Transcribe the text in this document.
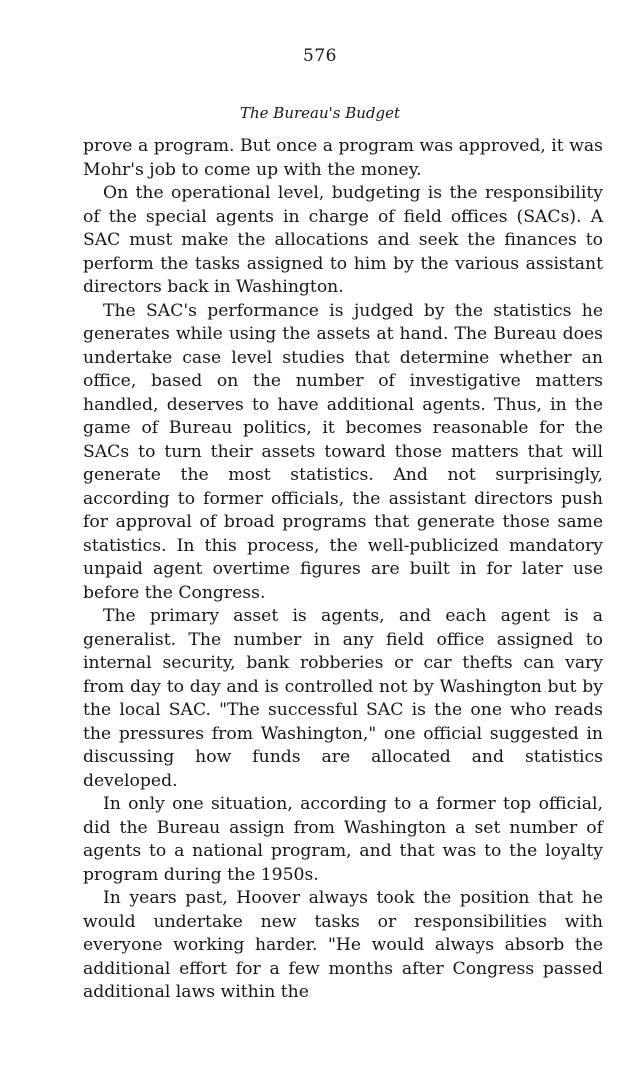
576
The Bureau's Budget

prove a program. But once a program was approved, it was Mohr's job to come up with the money.

On the operational level, budgeting is the responsibility of the special agents in charge of field offices (SACs). A SAC must make the allocations and seek the finances to perform the tasks assigned to him by the various assistant directors back in Washington.

The SAC's performance is judged by the statistics he generates while using the assets at hand. The Bureau does undertake case level studies that determine whether an office, based on the number of investigative matters handled, deserves to have additional agents. Thus, in the game of Bureau politics, it becomes reasonable for the SACs to turn their assets toward those matters that will generate the most statistics. And not surprisingly, according to former officials, the assistant directors push for approval of broad programs that generate those same statistics. In this process, the well-publicized mandatory unpaid agent overtime figures are built in for later use before the Congress.

The primary asset is agents, and each agent is a generalist. The number in any field office assigned to internal security, bank robberies or car thefts can vary from day to day and is controlled not by Washington but by the local SAC. "The successful SAC is the one who reads the pressures from Washington," one official suggested in discussing how funds are allocated and statistics developed.

In only one situation, according to a former top official, did the Bureau assign from Washington a set number of agents to a national program, and that was to the loyalty program during the 1950s.

In years past, Hoover always took the position that he would undertake new tasks or responsibilities with everyone working harder. "He would always absorb the additional effort for a few months after Congress passed additional laws within the
